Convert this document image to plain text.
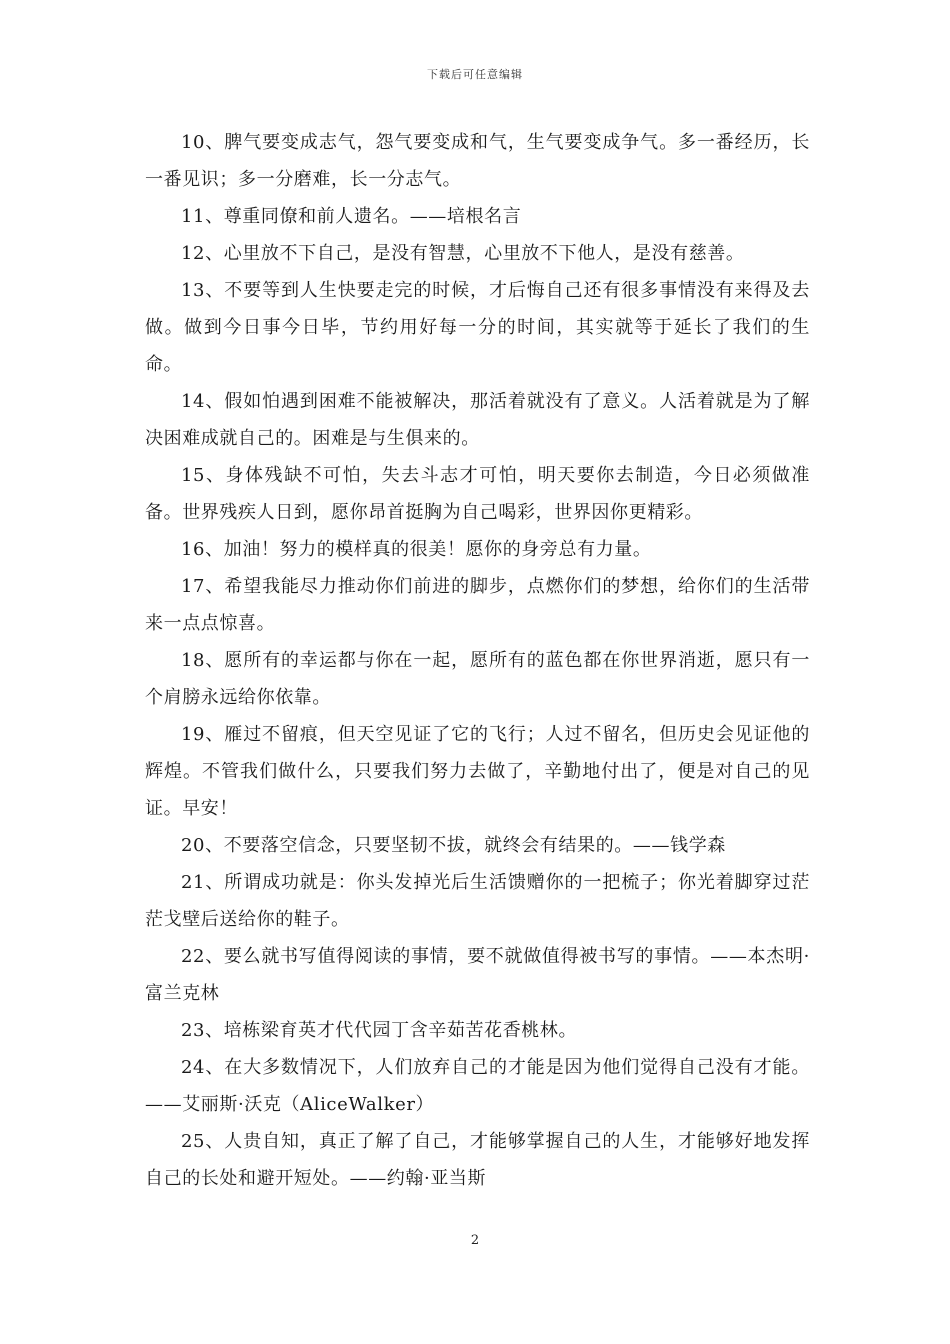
下载后可任意编辑

10、脾气要变成志气，怨气要变成和气，生气要变成争气。多一番经历，长一番见识；多一分磨难，长一分志气。

11、尊重同僚和前人遗名。——培根名言

12、心里放不下自己，是没有智慧，心里放不下他人，是没有慈善。

13、不要等到人生快要走完的时候，才后悔自己还有很多事情没有来得及去做。做到今日事今日毕，节约用好每一分的时间，其实就等于延长了我们的生命。

14、假如怕遇到困难不能被解决，那活着就没有了意义。人活着就是为了解决困难成就自己的。困难是与生俱来的。

15、身体残缺不可怕，失去斗志才可怕，明天要你去制造，今日必须做准备。世界残疾人日到，愿你昂首挺胸为自己喝彩，世界因你更精彩。

16、加油！努力的模样真的很美！愿你的身旁总有力量。

17、希望我能尽力推动你们前进的脚步，点燃你们的梦想，给你们的生活带来一点点惊喜。

18、愿所有的幸运都与你在一起，愿所有的蓝色都在你世界消逝，愿只有一个肩膀永远给你依靠。

19、雁过不留痕，但天空见证了它的飞行；人过不留名，但历史会见证他的辉煌。不管我们做什么，只要我们努力去做了，辛勤地付出了，便是对自己的见证。早安！

20、不要落空信念，只要坚韧不拔，就终会有结果的。——钱学森

21、所谓成功就是：你头发掉光后生活馈赠你的一把梳子；你光着脚穿过茫茫戈壁后送给你的鞋子。

22、要么就书写值得阅读的事情，要不就做值得被书写的事情。——本杰明·富兰克林

23、培栋梁育英才代代园丁含辛茹苦花香桃林。

24、在大多数情况下，人们放弃自己的才能是因为他们觉得自己没有才能。——艾丽斯·沃克（AliceWalker）

25、人贵自知，真正了解了自己，才能够掌握自己的人生，才能够好地发挥自己的长处和避开短处。——约翰·亚当斯

2
